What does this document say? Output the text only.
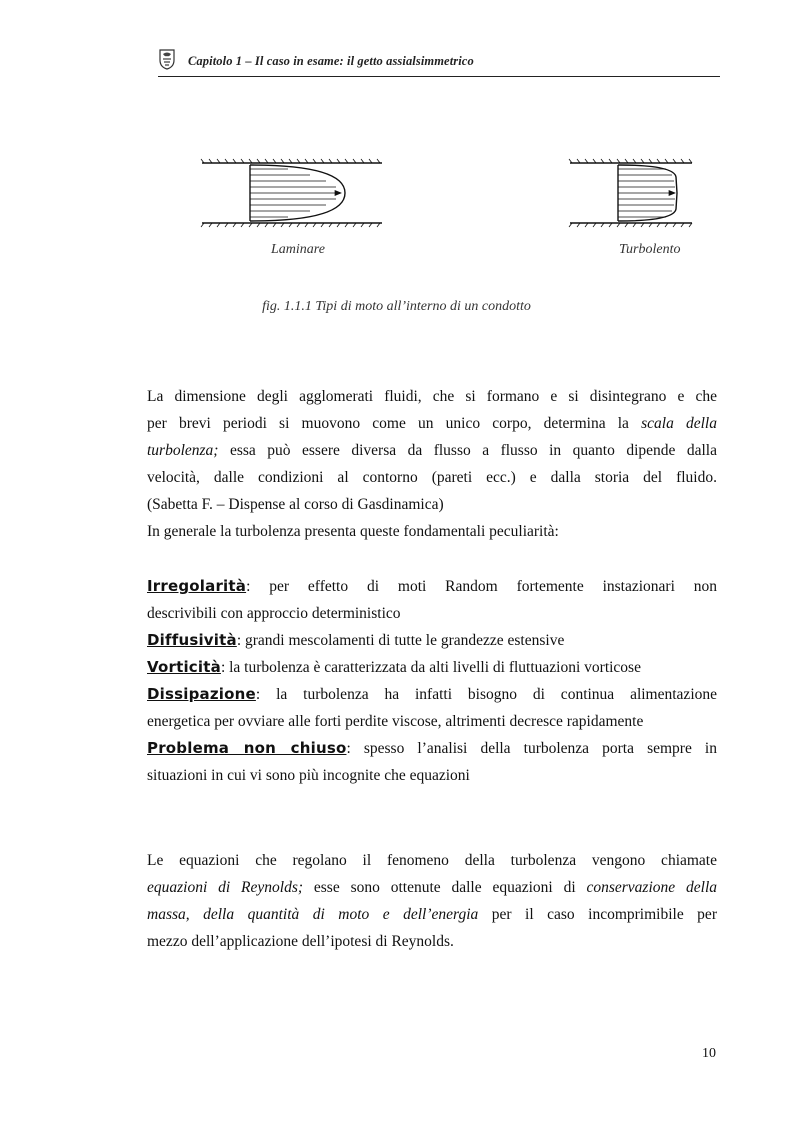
Capitolo 1 – Il caso in esame: il getto assialsimmetrico
Laminare	Turbolento
fig. 1.1.1 Tipi di moto all’interno di un condotto
La dimensione degli agglomerati fluidi, che si formano e si disintegrano e che
per brevi periodi si muovono come un unico corpo, determina la scala della
turbolenza; essa può essere diversa da flusso a flusso in quanto dipende dalla
velocità, dalle condizioni al contorno (pareti ecc.) e dalla storia del fluido.
(Sabetta F. – Dispense al corso di Gasdinamica)
In generale la turbolenza presenta queste fondamentali peculiarità:
Irregolarità: per effetto di moti Random fortemente instazionari non
descrivibili con approccio deterministico
Diffusività: grandi mescolamenti di tutte le grandezze estensive
Vorticità: la turbolenza è caratterizzata da alti livelli di fluttuazioni vorticose
Dissipazione: la turbolenza ha infatti bisogno di continua alimentazione
energetica per ovviare alle forti perdite viscose, altrimenti decresce rapidamente
Problema non chiuso: spesso l’analisi della turbolenza porta sempre in
situazioni in cui vi sono più incognite che equazioni
Le equazioni che regolano il fenomeno della turbolenza vengono chiamate
equazioni di Reynolds; esse sono ottenute dalle equazioni di conservazione della
massa, della quantità di moto e dell’energia per il caso incomprimibile per
mezzo dell’applicazione dell’ipotesi di Reynolds.
10
